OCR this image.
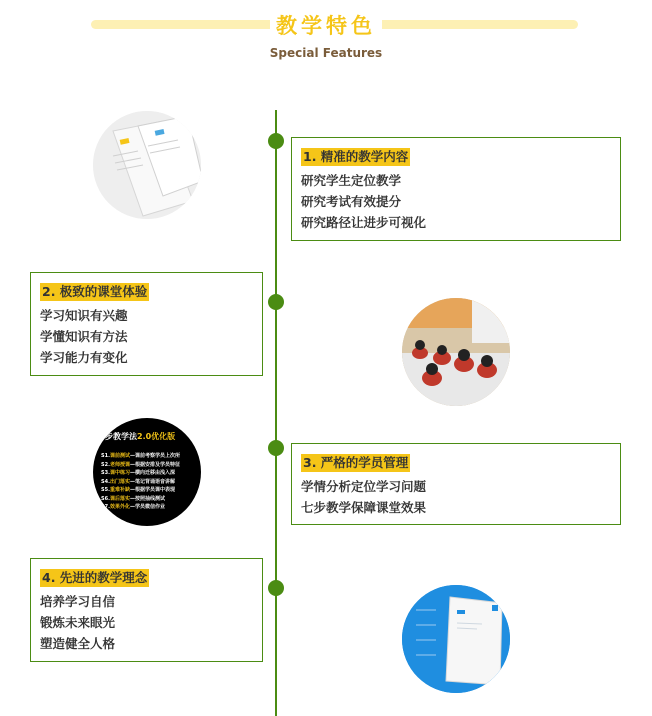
教学特色
Special Features
1. 精准的教学内容
研究学生定位教学
研究考试有效提分
研究路径让进步可视化
2. 极致的课堂体验
学习知识有兴趣
学懂知识有方法
学习能力有变化
3. 严格的学员管理
学情分析定位学习问题
七步教学保障课堂效果
4. 先进的教学理念
培养学习自信
锻炼未来眼光
塑造健全人格
步教学法2.0优化版
S1.课前测试—课前考察学员上次所
S2.老师授课—根据安排及学员特征
S3.课中练习—横向迁移由浅入深
S4.出门落实—笔记背诵语音讲解
S5.重难补缺—根据学员课中表现
S6.课后落实—按照抽线测试
S7.效果外化—学员微信作业
